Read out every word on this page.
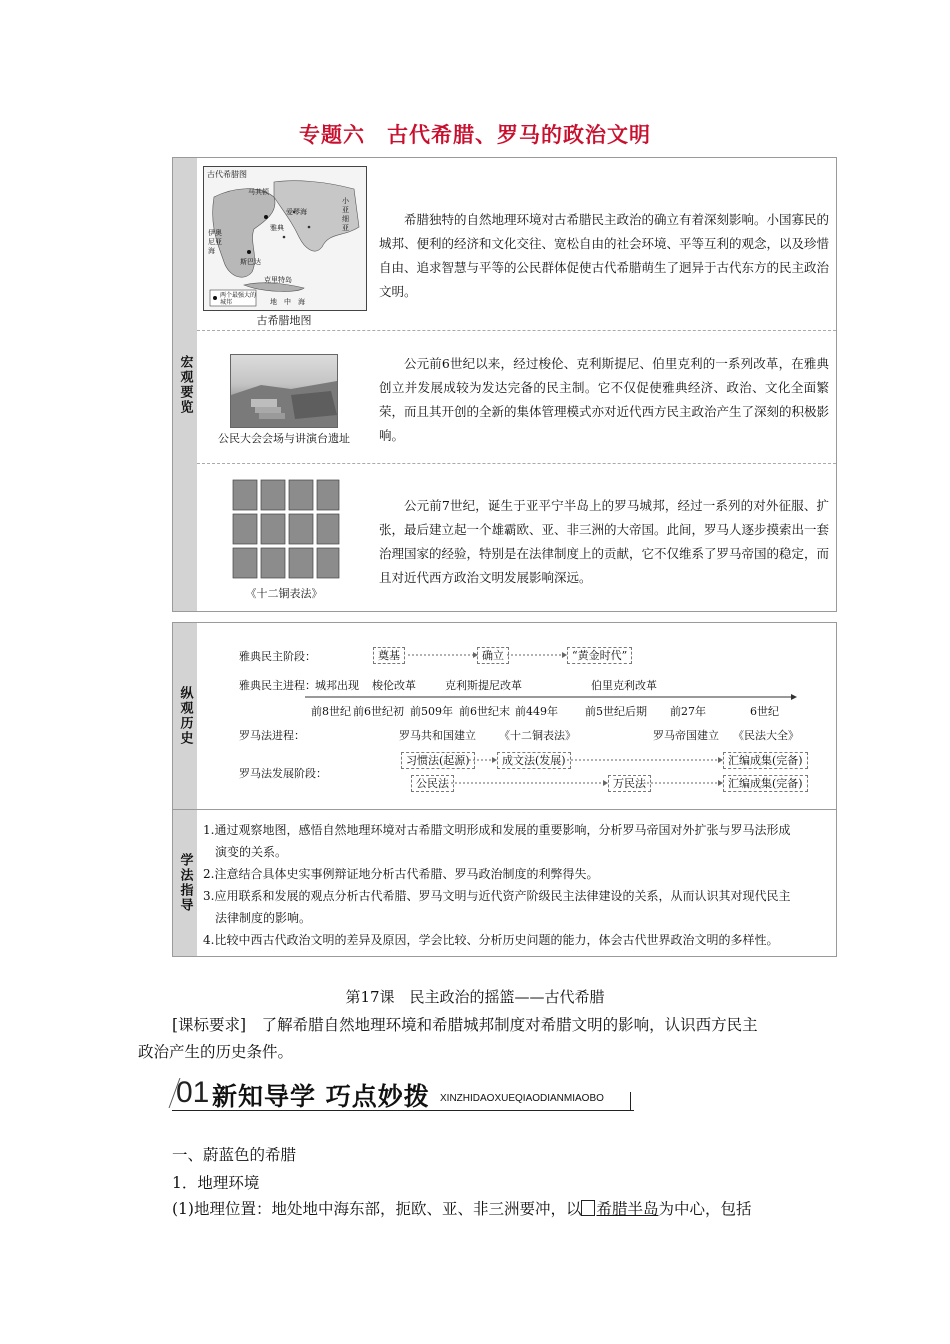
专题六　古代希腊、罗马的政治文明
宏观要览
古代希腊图
马其顿
爱琴海
伊奥尼亚海
斯巴达
克里特岛
雅典
小亚细亚
两个最强大的城邦	地　中　海
古希腊地图
希腊独特的自然地理环境对古希腊民主政治的确立有着深刻影响。小国寡民的城邦、便利的经济和文化交往、宽松自由的社会环境、平等互利的观念，以及珍惜自由、追求智慧与平等的公民群体促使古代希腊萌生了迥异于古代东方的民主政治文明。
公民大会会场与讲演台遗址
公元前6世纪以来，经过梭伦、克利斯提尼、伯里克利的一系列改革，在雅典创立并发展成较为发达完备的民主制。它不仅促使雅典经济、政治、文化全面繁荣，而且其开创的全新的集体管理模式亦对近代西方民主政治产生了深刻的积极影响。
《十二铜表法》
公元前7世纪，诞生于亚平宁半岛上的罗马城邦，经过一系列的对外征服、扩张，最后建立起一个雄霸欧、亚、非三洲的大帝国。此间，罗马人逐步摸索出一套治理国家的经验，特别是在法律制度上的贡献，它不仅维系了罗马帝国的稳定，而且对近代西方政治文明发展影响深远。
纵观历史
学法指导
雅典民主阶段：	奠基	确立	“黄金时代”
雅典民主进程： 城邦出现 梭伦改革	克利斯提尼改革	伯里克利改革
前8世纪 前6世纪初 前509年 前6世纪末 前449年 前5世纪后期 前27年	6世纪
罗马法进程：	罗马共和国建立 《十二铜表法》	罗马帝国建立 《民法大全》
罗马法发展阶段：
习惯法(起源)	成文法(发展)	汇编成集(完备)
公民法	万民法	汇编成集(完备)

1.通过观察地图，感悟自然地理环境对古希腊文明形成和发展的重要影响，分析罗马帝国对外扩张与罗马法形成

演变的关系。

2.注意结合具体史实事例辩证地分析古代希腊、罗马政治制度的利弊得失。

3.应用联系和发展的观点分析古代希腊、罗马文明与近代资产阶级民主法律建设的关系，从而认识其对现代民主

法律制度的影响。

4.比较中西古代政治文明的差异及原因，学会比较、分析历史问题的能力，体会古代世界政治文明的多样性。

第17课　民主政治的摇篮——古代希腊
[课标要求]　了解希腊自然地理环境和希腊城邦制度对希腊文明的影响，认识西方民主
政治产生的历史条件。
01 新知导学 巧点妙拨 XINZHIDAOXUEQIAODIANMIAOBO
一、蔚蓝色的希腊
1．地理环境
(1)地理位置：地处地中海东部，扼欧、亚、非三洲要冲，以 希腊半岛为中心，包括
